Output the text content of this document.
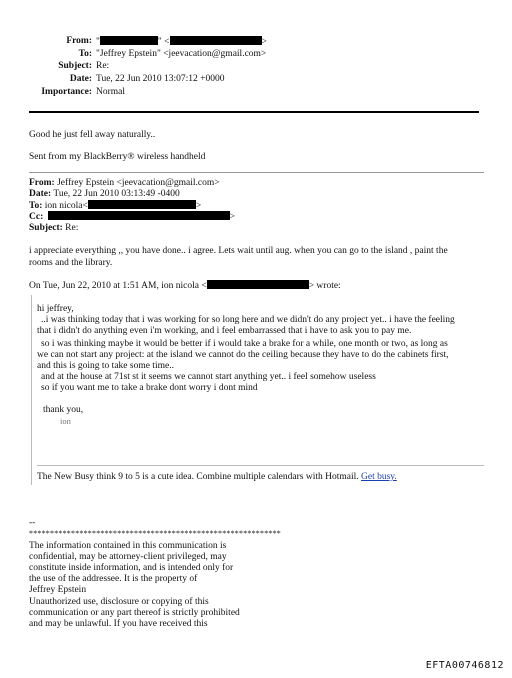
From: "	" <	>
To: "Jeffrey Epstein" <jeevacation@gmail.com>
Subject: Re:
Date: Tue, 22 Jun 2010 13:07:12 +0000
Importance: Normal
Good he just fell away naturally..
Sent from my BlackBerry® wireless handheld
From: Jeffrey Epstein <jeevacation@gmail.com>
Date: Tue, 22 Jun 2010 03:13:49 -0400
To: ion nicola<	>
Cc:	>
Subject: Re:
i appreciate everything ,, you have done.. i agree. Lets wait until aug. when you can go to the island , paint the
rooms and the library.
On Tue, Jun 22, 2010 at 1:51 AM, ion nicola <	> wrote:
hi jeffrey,
..i was thinking today that i was working for so long here and we didn't do any project yet.. i have the feeling
that i didn't do anything even i'm working, and i feel embarrassed that i have to ask you to pay me.
so i was thinking maybe it would be better if i would take a brake for a while, one month or two, as long as
we can not start any project: at the island we cannot do the ceiling because they have to do the cabinets first,
and this is going to take some time..
and at the house at 71st st it seems we cannot start anything yet.. i feel somehow useless
so if you want me to take a brake dont worry i dont mind
thank you,
ion
The New Busy think 9 to 5 is a cute idea. Combine multiple calendars with Hotmail. Get busy.
--
************************************************************
The information contained in this communication is
confidential, may be attorney-client privileged, may
constitute inside information, and is intended only for
the use of the addressee. It is the property of
Jeffrey Epstein
Unauthorized use, disclosure or copying of this
communication or any part thereof is strictly prohibited
and may be unlawful. If you have received this
EFTA00746812
